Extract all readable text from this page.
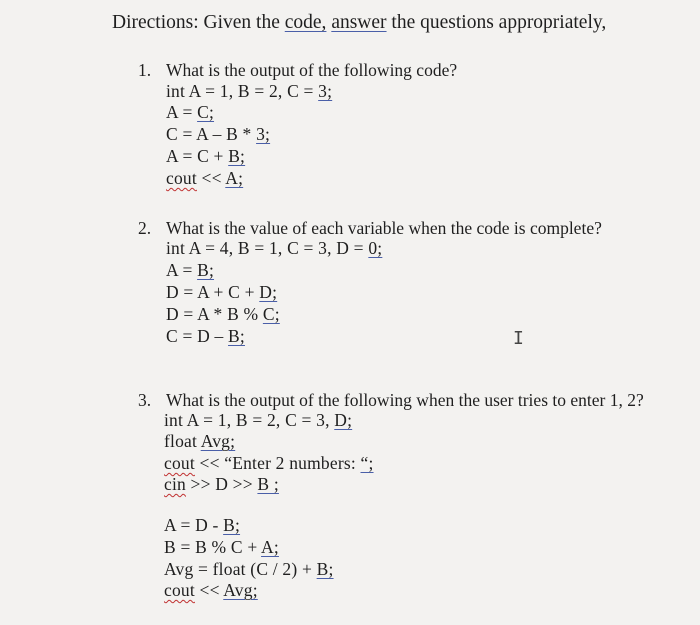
Directions: Given the code, answer the questions appropriately,
1. What is the output of the following code?
int A = 1, B = 2, C = 3;
A = C;
C = A – B * 3;
A = C + B;
cout << A;
2. What is the value of each variable when the code is complete?
int A = 4, B = 1, C = 3, D = 0;
A = B;
D = A + C + D;
D = A * B % C;
C = D – B;	I
3. What is the output of the following when the user tries to enter 1, 2?
int A = 1, B = 2, C = 3, D;
float Avg;
cout << “Enter 2 numbers: “;
cin >> D >> B ;
A = D - B;
B = B % C + A;
Avg = float (C / 2) + B;
cout << Avg;
